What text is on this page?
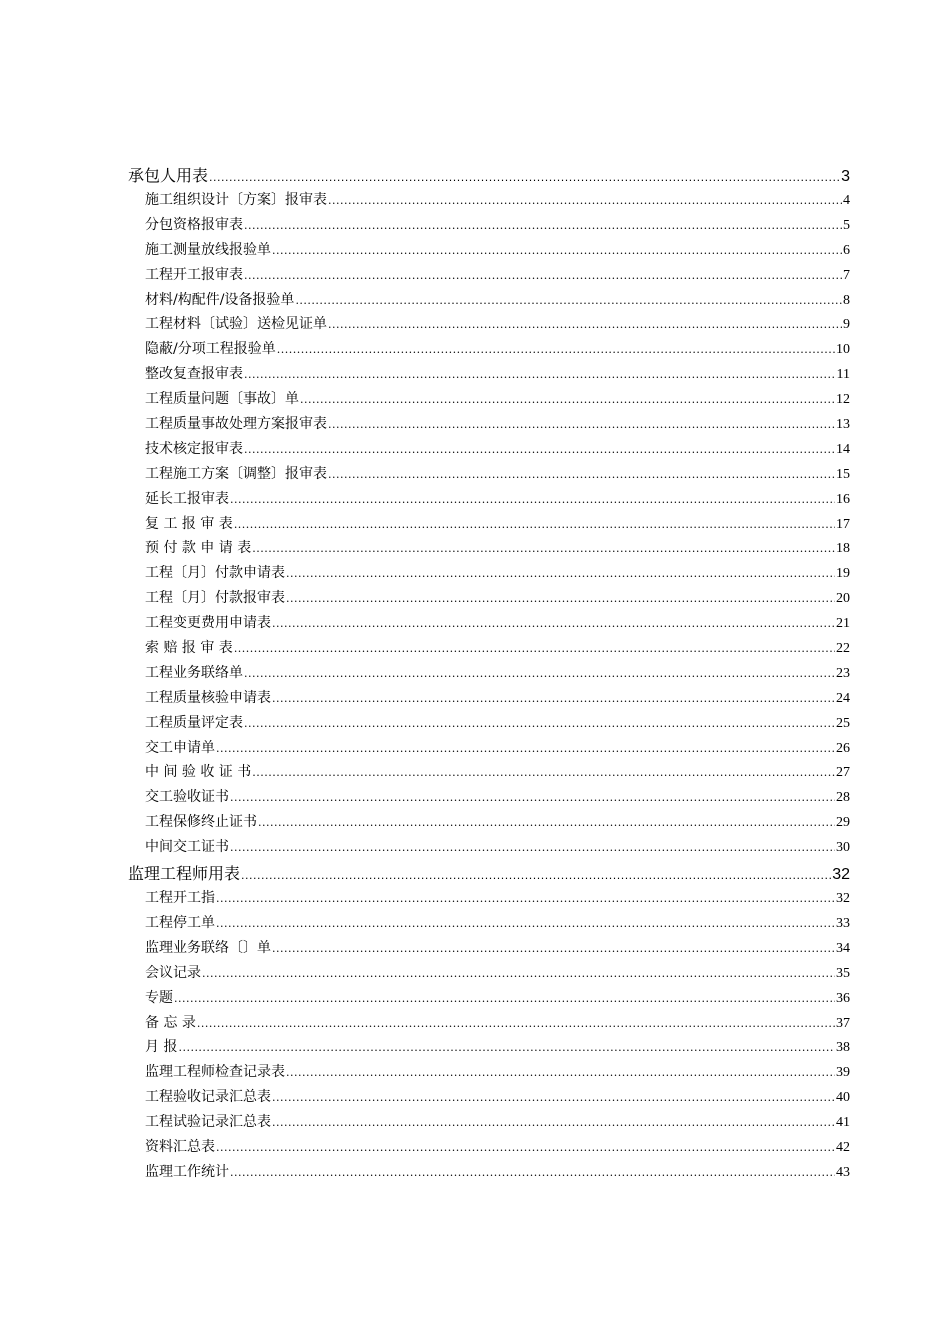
承包人用表 .....	3
施工组织设计〔方案〕报审表 .....	4
分包资格报审表 .....	5
施工测量放线报验单 .....	6
工程开工报审表 .....	7
材料/构配件/设备报验单 .....	8
工程材料〔试验〕送检见证单 .....	9
隐蔽/分项工程报验单 .....	10
整改复查报审表 .....	11
工程质量问题〔事故〕单 .....	12
工程质量事故处理方案报审表 .....	13
技术核定报审表 .....	14
工程施工方案〔调整〕报审表 .....	15
延长工报审表 .....	16
复 工 报 审 表 .....	17
预 付 款 申 请 表 .....	18
工程〔月〕付款申请表 .....	19
工程〔月〕付款报审表 .....	20
工程变更费用申请表 .....	21
索 赔 报 审 表 .....	22
工程业务联络单 .....	23
工程质量核验申请表 .....	24
工程质量评定表 .....	25
交工申请单 .....	26
中 间 验 收 证 书 .....	27
交工验收证书 .....	28
工程保修终止证书 .....	29
中间交工证书 .....	30
监理工程师用表 .....	32
工程开工指 .....	32
工程停工单 .....	33
监理业务联络〔〕单 .....	34
会议记录 .....	35
专题 .....	36
备 忘 录 .....	37
月 报 .....	38
监理工程师检查记录表 .....	39
工程验收记录汇总表 .....	40
工程试验记录汇总表 .....	41
资料汇总表 .....	42
监理工作统计 .....	43
